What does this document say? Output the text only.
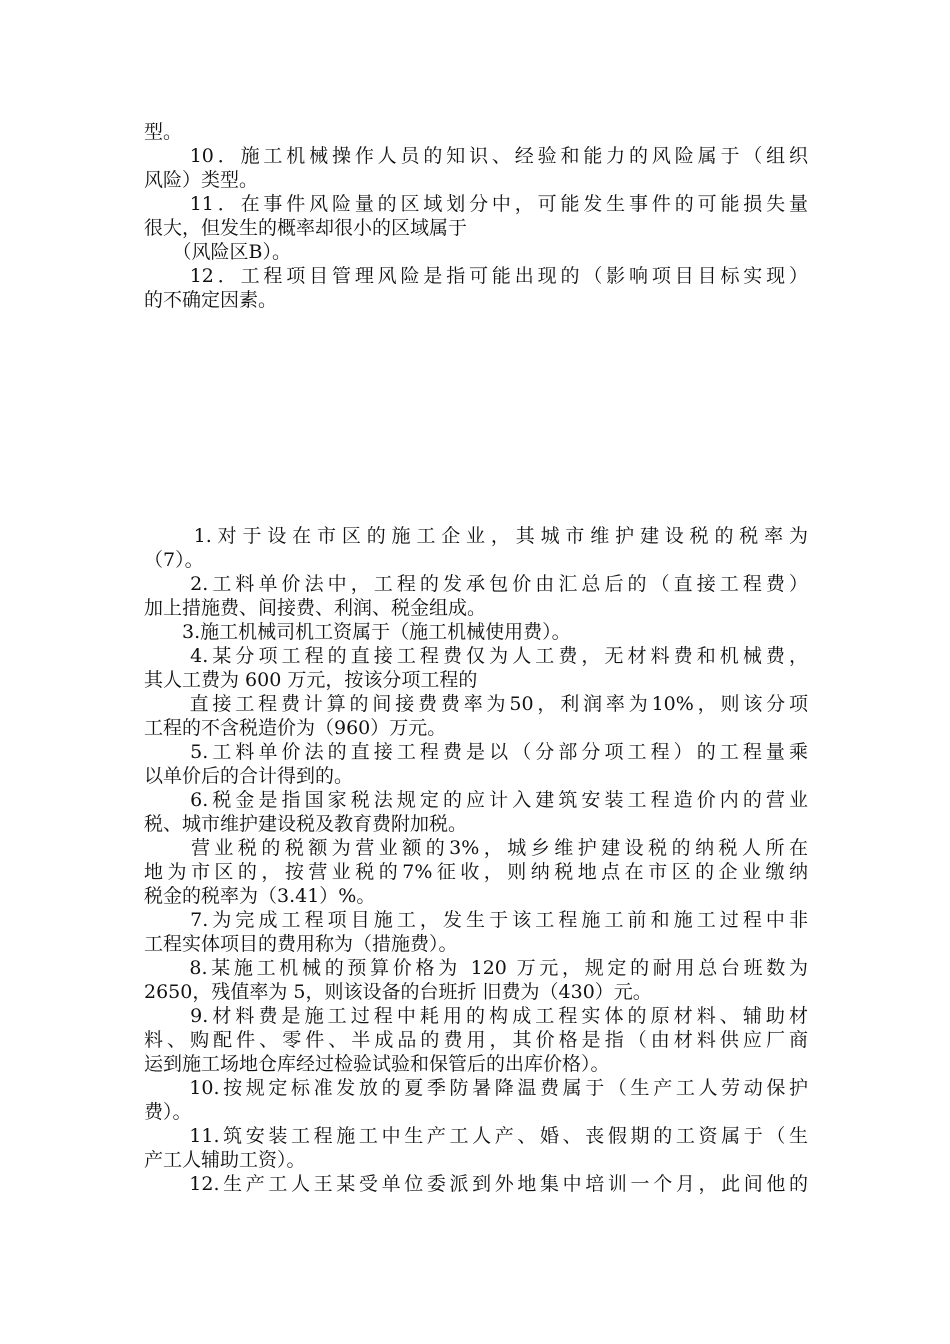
型。
　　10．施工机械操作人员的知识、经验和能力的风险属于（组织
风险）类型。
　　11．在事件风险量的区域划分中，可能发生事件的可能损失量
很大，但发生的概率却很小的区域属于
　　（风险区B）。
　　12．工程项目管理风险是指可能出现的（影响项目目标实现）
的不确定因素。
　　1.对于设在市区的施工企业，其城市维护建设税的税率为
（7）。
　　2.工料单价法中，工程的发承包价由汇总后的（直接工程费）
加上措施费、间接费、利润、税金组成。
　　3.施工机械司机工资属于（施工机械使用费）。
　　4.某分项工程的直接工程费仅为人工费，无材料费和机械费，
其人工费为 600 万元，按该分项工程的
　　直接工程费计算的间接费费率为50，利润率为10%，则该分项
工程的不含税造价为（960）万元。
　　5.工料单价法的直接工程费是以（分部分项工程）的工程量乘
以单价后的合计得到的。
　　6.税金是指国家税法规定的应计入建筑安装工程造价内的营业
税、城市维护建设税及教育费附加税。
　　营业税的税额为营业额的3%，城乡维护建设税的纳税人所在
地为市区的，按营业税的7%征收，则纳税地点在市区的企业缴纳
税金的税率为（3.41）%。
　　7.为完成工程项目施工，发生于该工程施工前和施工过程中非
工程实体项目的费用称为（措施费）。
　　8.某施工机械的预算价格为 120 万元，规定的耐用总台班数为
2650，残值率为 5，则该设备的台班折 旧费为（430）元。
　　9.材料费是施工过程中耗用的构成工程实体的原材料、辅助材
料、购配件、零件、半成品的费用，其价格是指（由材料供应厂商
运到施工场地仓库经过检验试验和保管后的出库价格）。
　　10.按规定标准发放的夏季防暑降温费属于（生产工人劳动保护
费）。
　　11.筑安装工程施工中生产工人产、婚、丧假期的工资属于（生
产工人辅助工资）。
　　12.生产工人王某受单位委派到外地集中培训一个月，此间他的
